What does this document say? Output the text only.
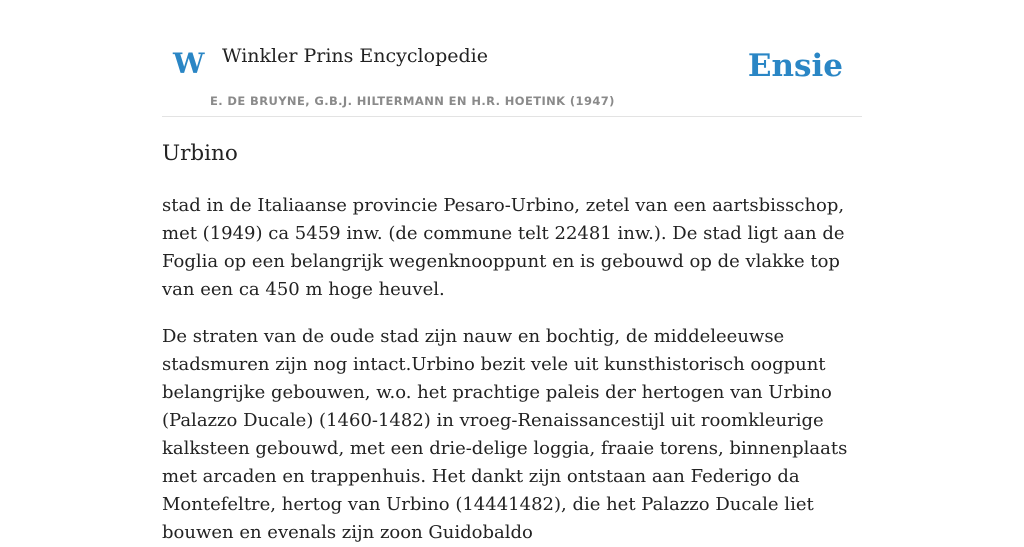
W Winkler Prins Encyclopedie
E. DE BRUYNE, G.B.J. HILTERMANN EN H.R. HOETINK (1947)
Ensie
Urbino

stad in de Italiaanse provincie Pesaro-Urbino, zetel van een aartsbisschop, met (1949) ca 5459 inw. (de commune telt 22481 inw.). De stad ligt aan de Foglia op een belangrijk wegenknooppunt en is gebouwd op de vlakke top van een ca 450 m hoge heuvel.

De straten van de oude stad zijn nauw en bochtig, de middeleeuwse stadsmuren zijn nog intact.Urbino bezit vele uit kunsthistorisch oogpunt belangrijke gebouwen, w.o. het prachtige paleis der hertogen van Urbino (Palazzo Ducale) (1460-1482) in vroeg-Renaissancestijl uit roomkleurige kalksteen gebouwd, met een drie-delige loggia, fraaie torens, binnenplaats met arcaden en trappenhuis. Het dankt zijn ontstaan aan Federigo da Montefeltre, hertog van Urbino (14441482), die het Palazzo Ducale liet bouwen en evenals zijn zoon Guidobaldo
